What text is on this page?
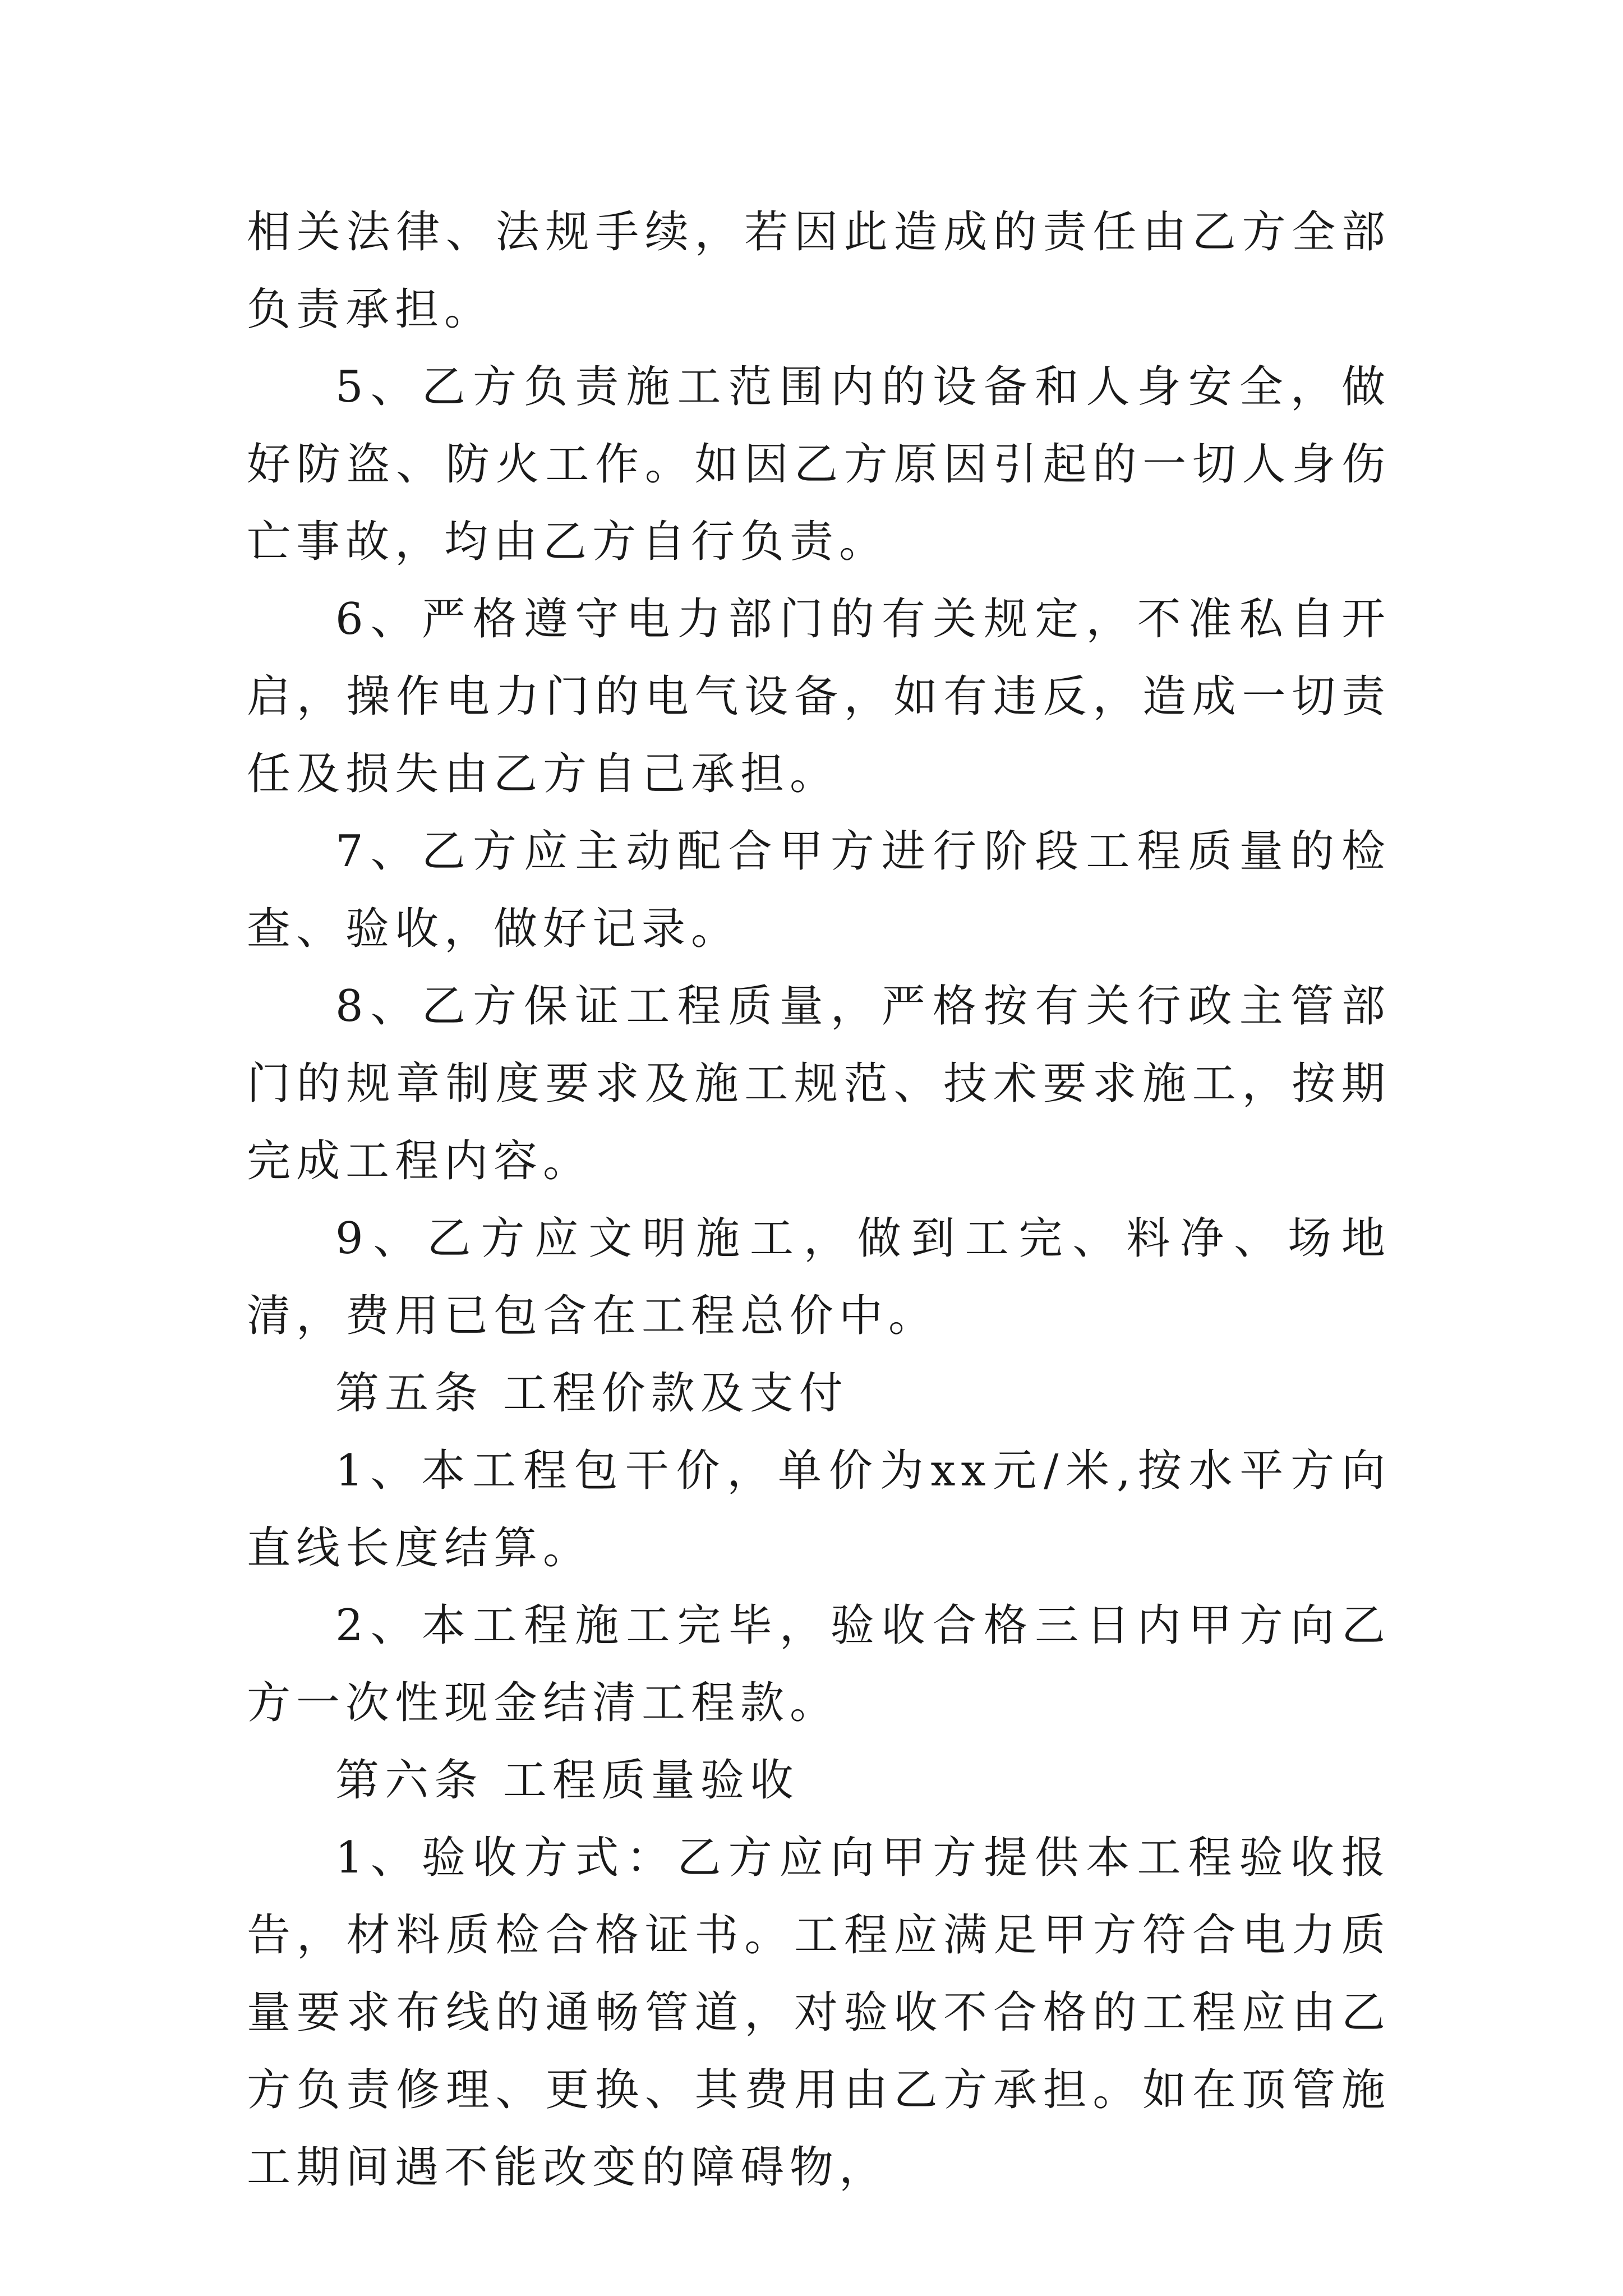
相关法律、法规手续，若因此造成的责任由乙方全部负责承担。

5、乙方负责施工范围内的设备和人身安全，做好防盗、防火工作。如因乙方原因引起的一切人身伤亡事故，均由乙方自行负责。

6、严格遵守电力部门的有关规定，不准私自开启，操作电力门的电气设备，如有违反，造成一切责任及损失由乙方自己承担。

7、乙方应主动配合甲方进行阶段工程质量的检查、验收，做好记录。

8、乙方保证工程质量，严格按有关行政主管部门的规章制度要求及施工规范、技术要求施工，按期完成工程内容。

9、乙方应文明施工，做到工完、料净、场地清，费用已包含在工程总价中。

第五条 工程价款及支付

1、本工程包干价，单价为xx元/米,按水平方向直线长度结算。

2、本工程施工完毕，验收合格三日内甲方向乙方一次性现金结清工程款。

第六条 工程质量验收

1、验收方式：乙方应向甲方提供本工程验收报告，材料质检合格证书。工程应满足甲方符合电力质量要求布线的通畅管道，对验收不合格的工程应由乙方负责修理、更换、其费用由乙方承担。如在顶管施工期间遇不能改变的障碍物，
